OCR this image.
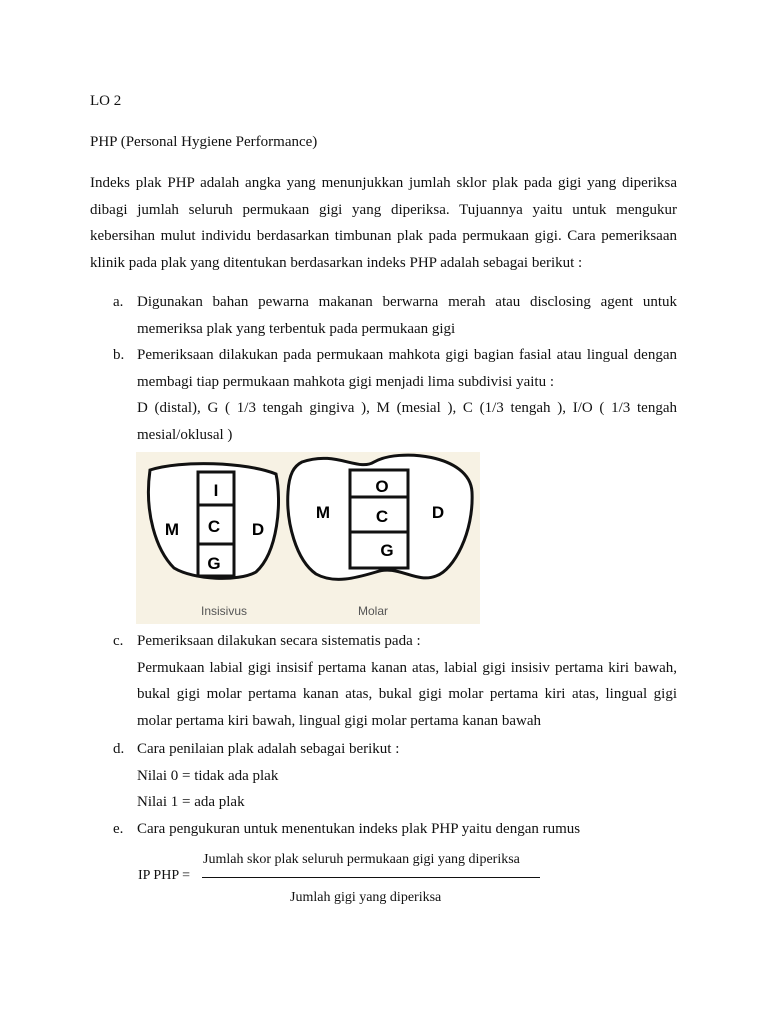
LO 2
PHP (Personal Hygiene Performance)
Indeks plak PHP adalah angka yang menunjukkan jumlah sklor plak pada gigi yang diperiksa
dibagi jumlah seluruh permukaan gigi yang diperiksa. Tujuannya yaitu untuk mengukur
kebersihan mulut individu berdasarkan timbunan plak pada permukaan gigi. Cara pemeriksaan
klinik pada plak yang ditentukan berdasarkan indeks PHP adalah sebagai berikut :
a. Digunakan bahan pewarna makanan berwarna merah atau disclosing agent untuk
memeriksa plak yang terbentuk pada permukaan gigi
b. Pemeriksaan dilakukan pada permukaan mahkota gigi bagian fasial atau lingual dengan
membagi tiap permukaan mahkota gigi menjadi lima subdivisi yaitu :
D (distal), G ( 1/3 tengah gingiva ), M (mesial ), C (1/3 tengah ), I/O ( 1/3 tengah
mesial/oklusal )
I
C
G
M	D
Insisivus
O
C
G
M	D
Molar
c. Pemeriksaan dilakukan secara sistematis pada :
Permukaan labial gigi insisif pertama kanan atas, labial gigi insisiv pertama kiri bawah,
bukal gigi molar pertama kanan atas, bukal gigi molar pertama kiri atas, lingual gigi
molar pertama kiri bawah, lingual gigi molar pertama kanan bawah
d. Cara penilaian plak adalah sebagai berikut :
Nilai 0 = tidak ada plak
Nilai 1 = ada plak
e. Cara pengukuran untuk menentukan indeks plak PHP yaitu dengan rumus
IP PHP =
Jumlah skor plak seluruh permukaan gigi yang diperiksa
Jumlah gigi yang diperiksa
